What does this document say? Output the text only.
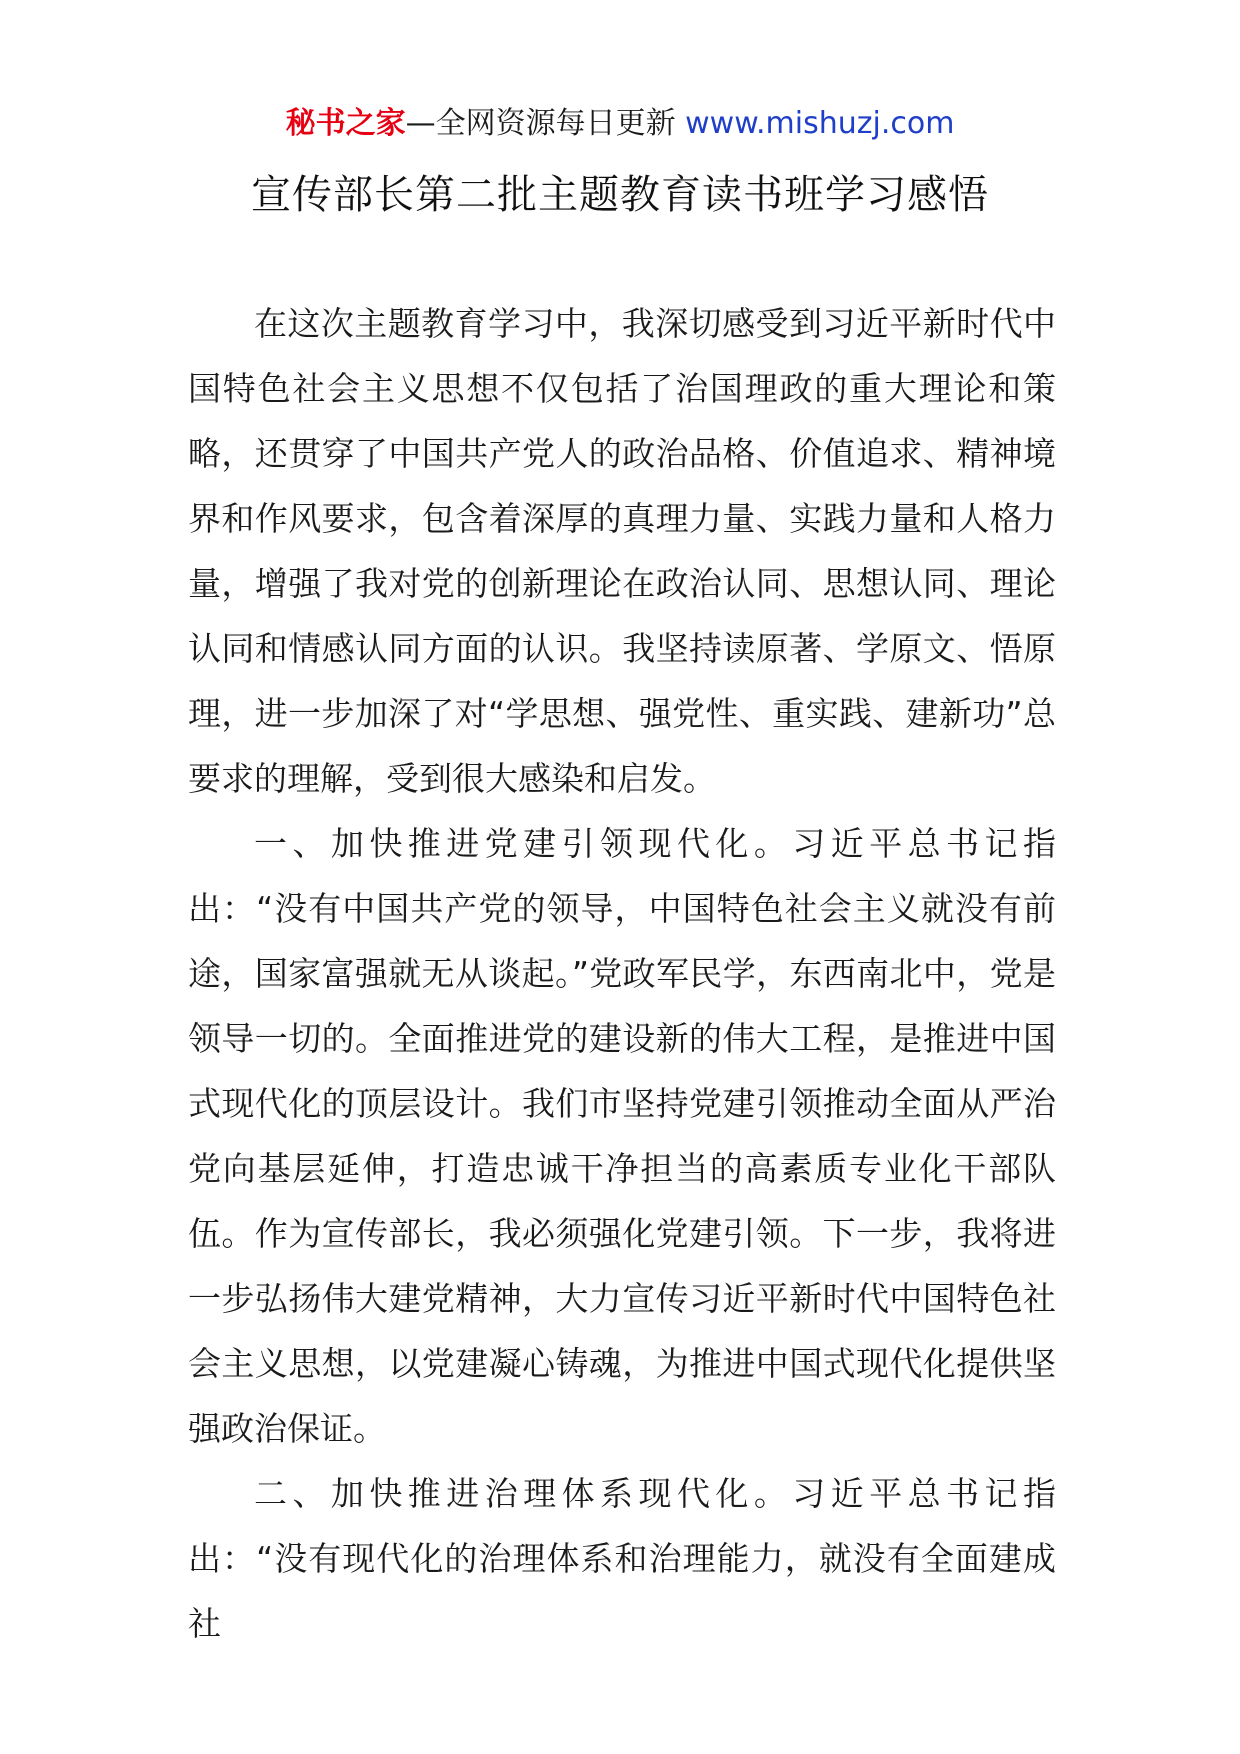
秘书之家—全网资源每日更新 www.mishuzj.com
宣传部长第二批主题教育读书班学习感悟

在这次主题教育学习中，我深切感受到习近平新时代中国特色社会主义思想不仅包括了治国理政的重大理论和策略，还贯穿了中国共产党人的政治品格、价值追求、精神境界和作风要求，包含着深厚的真理力量、实践力量和人格力量，增强了我对党的创新理论在政治认同、思想认同、理论认同和情感认同方面的认识。我坚持读原著、学原文、悟原理，进一步加深了对“学思想、强党性、重实践、建新功”总要求的理解，受到很大感染和启发。

一、加快推进党建引领现代化。习近平总书记指出：“没有中国共产党的领导，中国特色社会主义就没有前途，国家富强就无从谈起。”党政军民学，东西南北中，党是领导一切的。全面推进党的建设新的伟大工程，是推进中国式现代化的顶层设计。我们市坚持党建引领推动全面从严治党向基层延伸，打造忠诚干净担当的高素质专业化干部队伍。作为宣传部长，我必须强化党建引领。下一步，我将进一步弘扬伟大建党精神，大力宣传习近平新时代中国特色社会主义思想，以党建凝心铸魂，为推进中国式现代化提供坚强政治保证。

二、加快推进治理体系现代化。习近平总书记指出：“没有现代化的治理体系和治理能力，就没有全面建成社
